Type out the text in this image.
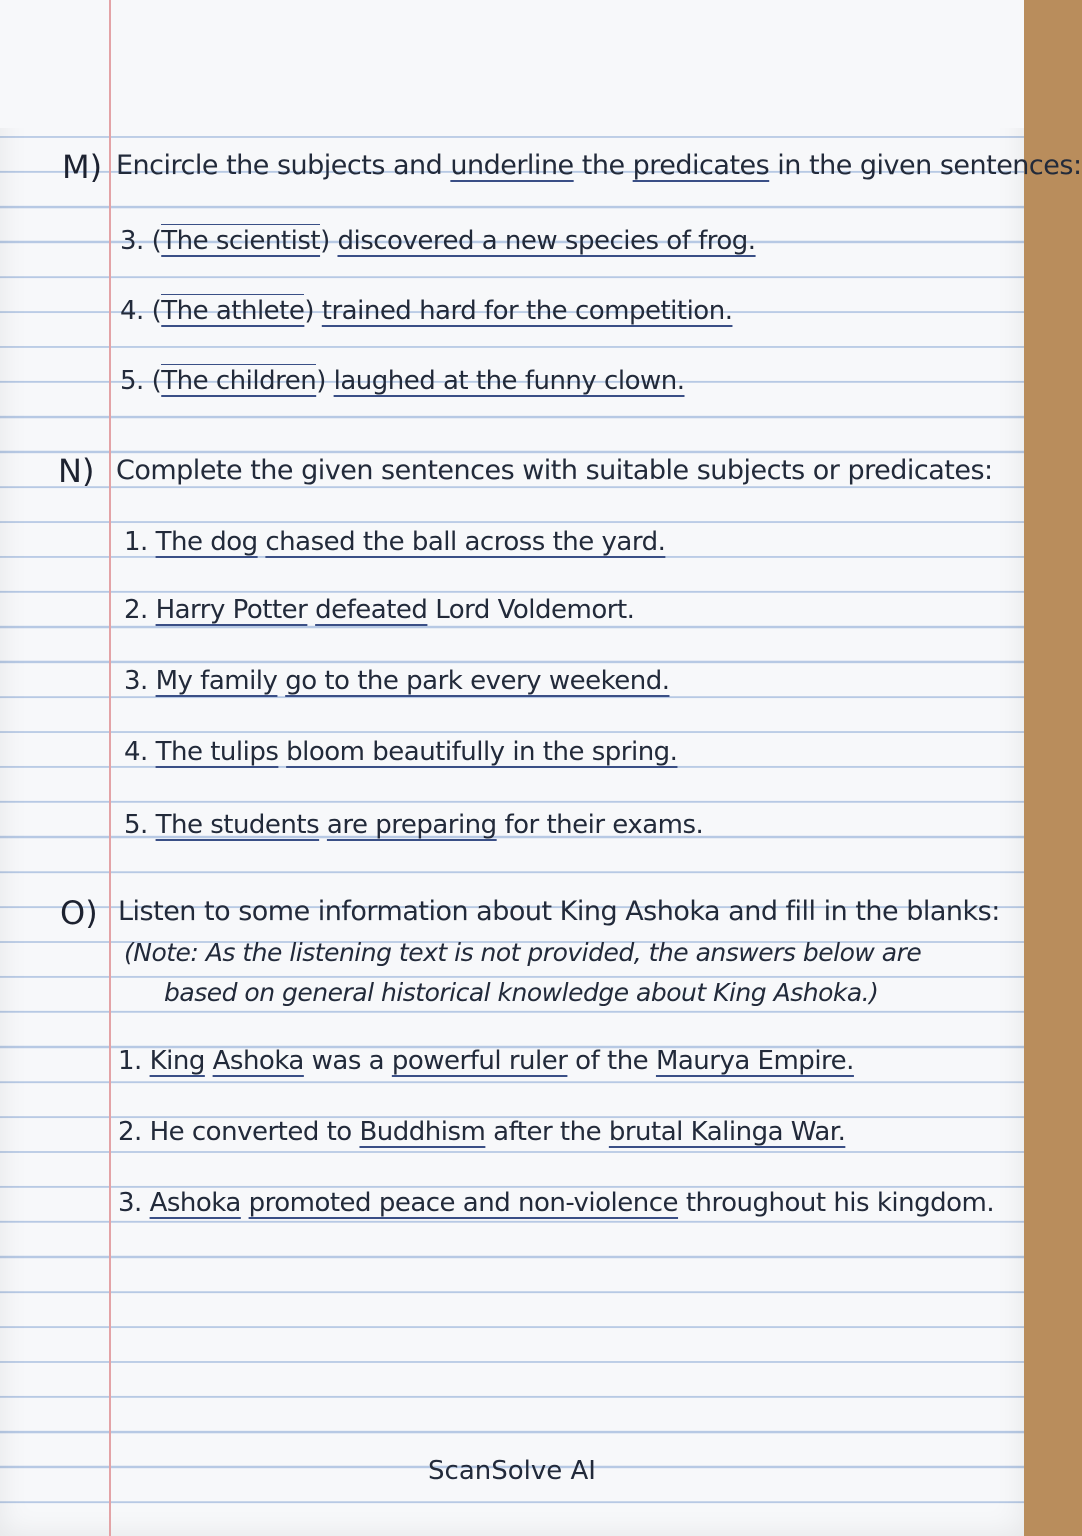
M) Encircle the subjects and underline the predicates in the given sentences:
3. (The scientist) discovered a new species of frog.
4. (The athlete) trained hard for the competition.
5. (The children) laughed at the funny clown.
N) Complete the given sentences with suitable subjects or predicates:
1. The dog chased the ball across the yard.
2. Harry Potter defeated Lord Voldemort.
3. My family go to the park every weekend.
4. The tulips bloom beautifully in the spring.
5. The students are preparing for their exams.
O) Listen to some information about King Ashoka and fill in the blanks:
(Note: As the listening text is not provided, the answers below are
based on general historical knowledge about King Ashoka.)
1. King Ashoka was a powerful ruler of the Maurya Empire.
2. He converted to Buddhism after the brutal Kalinga War.
3. Ashoka promoted peace and non-violence throughout his kingdom.
ScanSolve AI
